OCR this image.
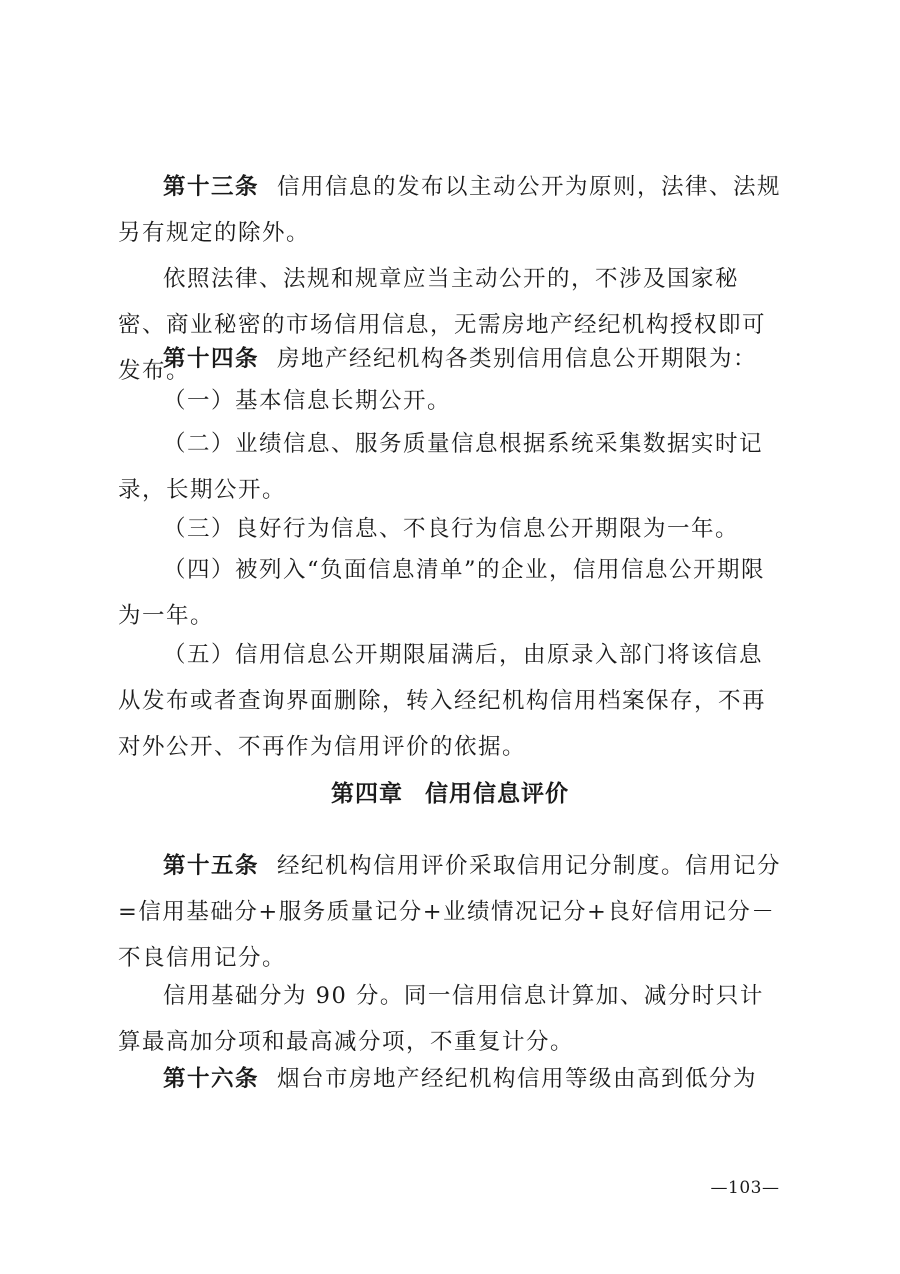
第十三条 信用信息的发布以主动公开为原则，法律、法规另有规定的除外。

依照法律、法规和规章应当主动公开的，不涉及国家秘密、商业秘密的市场信用信息，无需房地产经纪机构授权即可发布。

第十四条 房地产经纪机构各类别信用信息公开期限为：

（一）基本信息长期公开。

（二）业绩信息、服务质量信息根据系统采集数据实时记录，长期公开。

（三）良好行为信息、不良行为信息公开期限为一年。

（四）被列入“负面信息清单”的企业，信用信息公开期限为一年。

（五）信用信息公开期限届满后，由原录入部门将该信息从发布或者查询界面删除，转入经纪机构信用档案保存，不再对外公开、不再作为信用评价的依据。

第四章 信用信息评价

第十五条 经纪机构信用评价采取信用记分制度。信用记分=信用基础分+服务质量记分+业绩情况记分+良好信用记分－不良信用记分。

信用基础分为 90 分。同一信用信息计算加、减分时只计算最高加分项和最高减分项，不重复计分。

第十六条 烟台市房地产经纪机构信用等级由高到低分为

—103—
